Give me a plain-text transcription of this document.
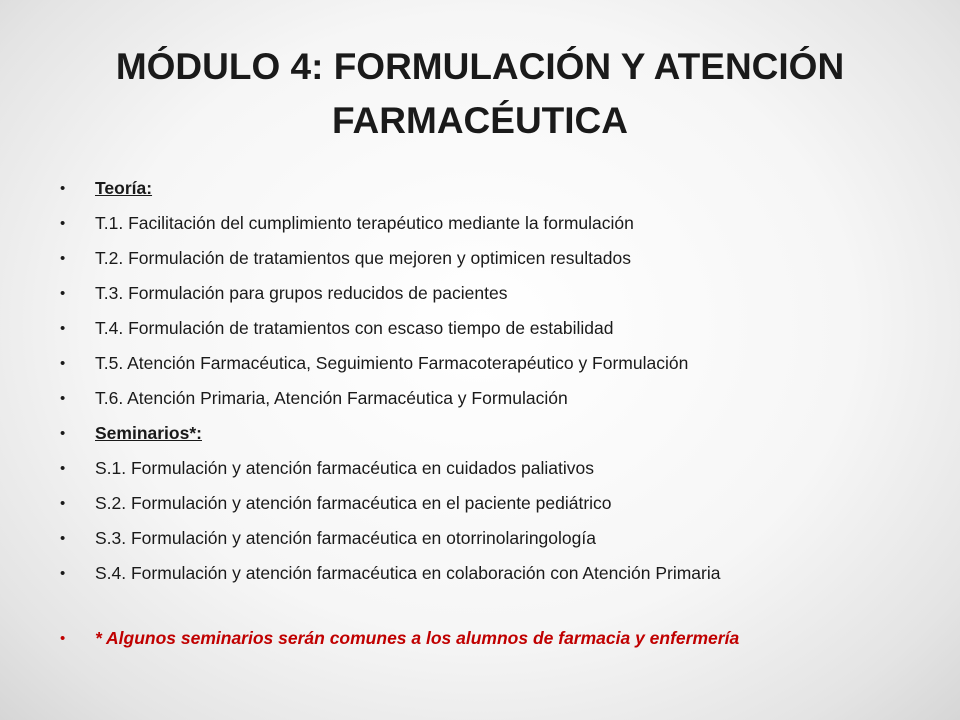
MÓDULO 4: FORMULACIÓN Y ATENCIÓN
FARMACÉUTICA
•
Teoría:
•
T.1. Facilitación del cumplimiento terapéutico mediante la formulación
•
T.2. Formulación de tratamientos que mejoren y optimicen resultados
•
T.3. Formulación para grupos reducidos de pacientes
•
T.4. Formulación de tratamientos con escaso tiempo de estabilidad
•
T.5. Atención Farmacéutica, Seguimiento Farmacoterapéutico y Formulación
•
T.6. Atención Primaria, Atención Farmacéutica y Formulación
•
Seminarios*:
•
S.1. Formulación y atención farmacéutica en cuidados paliativos
•
S.2. Formulación y atención farmacéutica en el paciente pediátrico
•
S.3. Formulación y atención farmacéutica en otorrinolaringología
•
S.4. Formulación y atención farmacéutica en colaboración con Atención Primaria
•
* Algunos seminarios serán comunes a los alumnos de farmacia y enfermería
